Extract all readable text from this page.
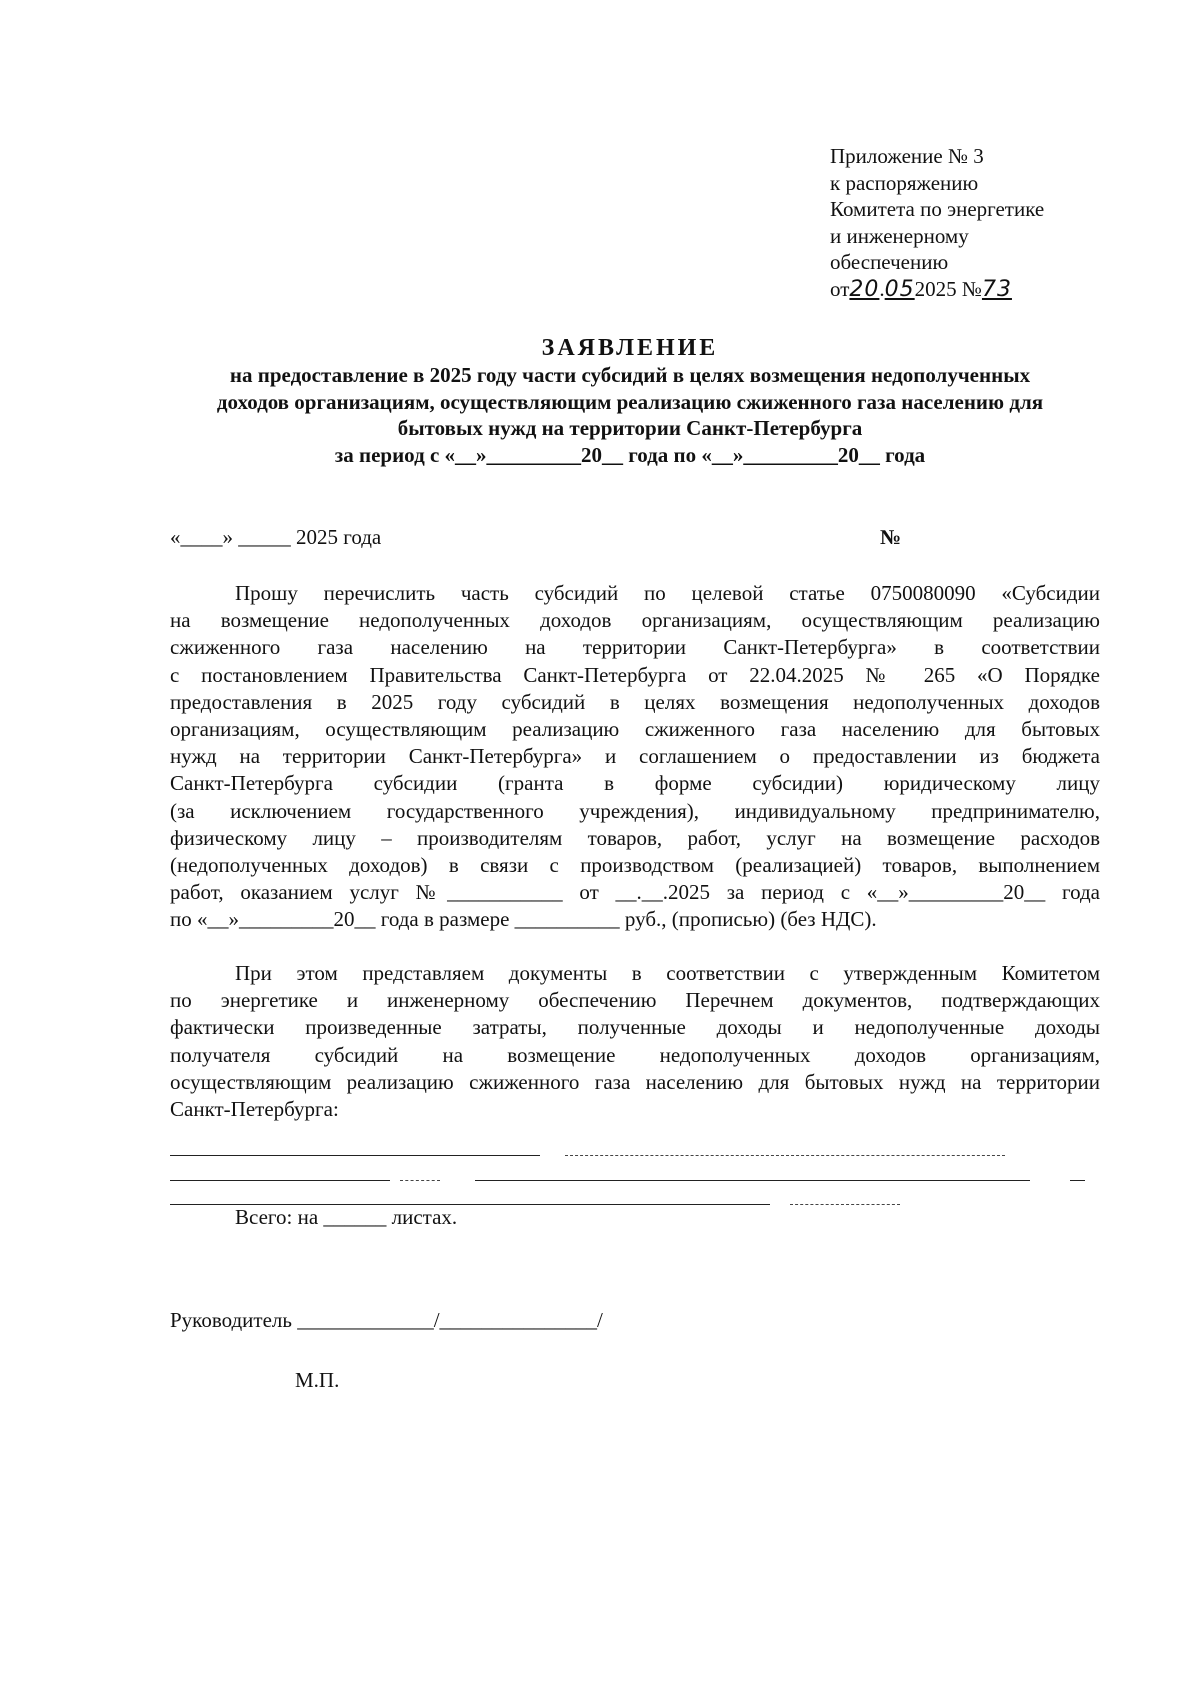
Приложение № 3
к распоряжению
Комитета по энергетике
и инженерному
обеспечению
от20.052025 №73
ЗАЯВЛЕНИЕ
на предоставление в 2025 году части субсидий в целях возмещения недополученных
доходов организациям, осуществляющим реализацию сжиженного газа населению для
бытовых нужд на территории Санкт-Петербурга
за период с «__»_________20__ года по «__»_________20__ года
«____» _____ 2025 года	№
Прошу перечислить часть субсидий по целевой статье 0750080090 «Субсидии
на возмещение недополученных доходов организациям, осуществляющим реализацию
сжиженного газа населению на территории Санкт-Петербурга» в соответствии
с постановлением Правительства Санкт-Петербурга от 22.04.2025 № 265 «О Порядке
предоставления в 2025 году субсидий в целях возмещения недополученных доходов
организациям, осуществляющим реализацию сжиженного газа населению для бытовых
нужд на территории Санкт-Петербурга» и соглашением о предоставлении из бюджета
Санкт-Петербурга субсидии (гранта в форме субсидии) юридическому лицу
(за исключением государственного учреждения), индивидуальному предпринимателю,
физическому лицу – производителям товаров, работ, услуг на возмещение расходов
(недополученных доходов) в связи с производством (реализацией) товаров, выполнением
работ, оказанием услуг №___________ от __.__.2025 за период с «__»_________20__ года
по «__»_________20__ года в размере __________ руб., (прописью) (без НДС).
При этом представляем документы в соответствии с утвержденным Комитетом
по энергетике и инженерному обеспечению Перечнем документов, подтверждающих
фактически произведенные затраты, полученные доходы и недополученные доходы
получателя субсидий на возмещение недополученных доходов организациям,
осуществляющим реализацию сжиженного газа населению для бытовых нужд на территории
Санкт-Петербурга:
Всего: на ______ листах.
Руководитель _____________/_______________/
М.П.
